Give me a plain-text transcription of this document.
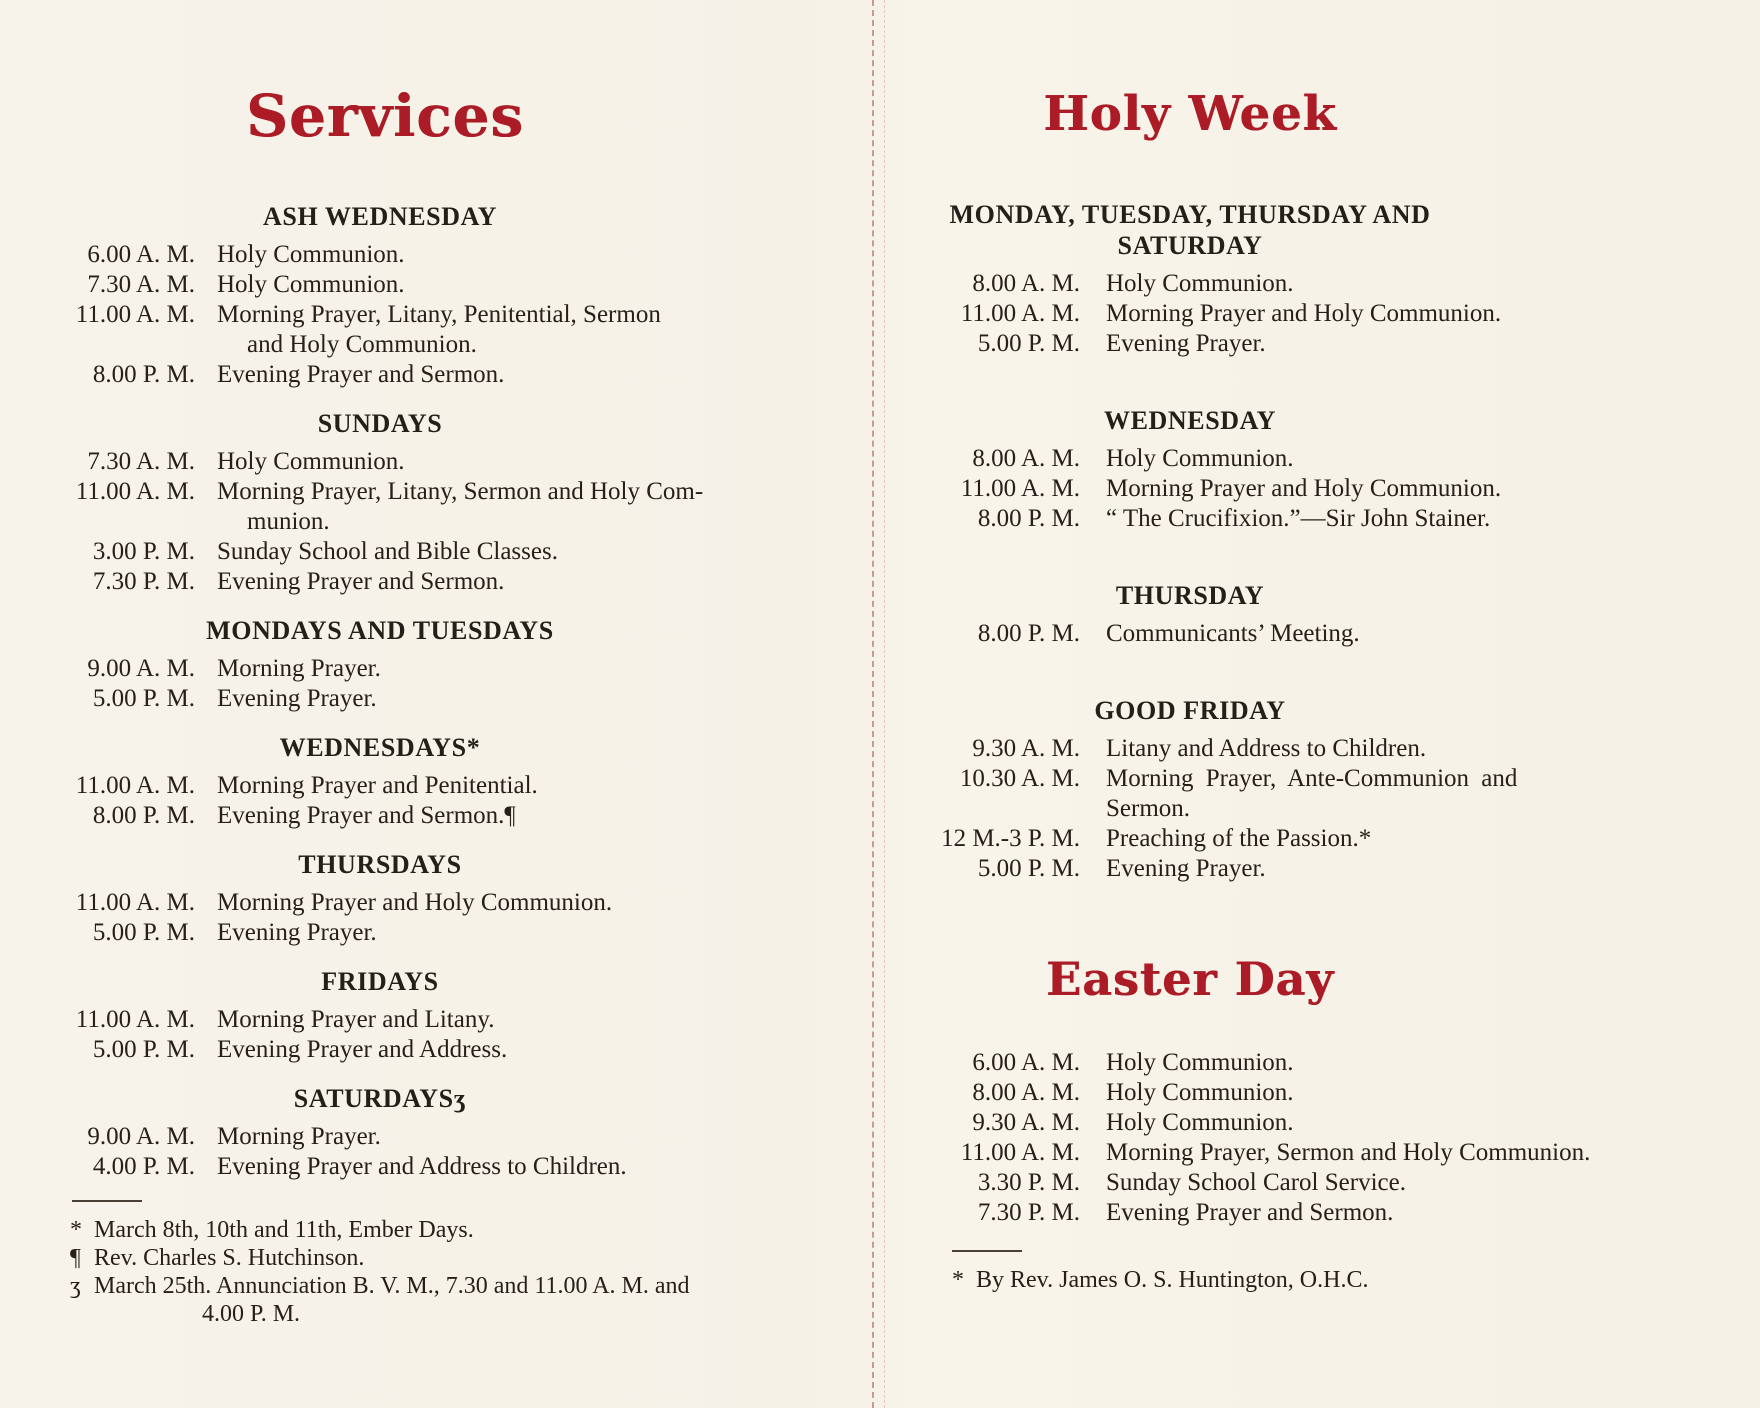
Services
ASH WEDNESDAY
6.00 A. M. Holy Communion.
7.30 A. M. Holy Communion.
11.00 A. M. Morning Prayer, Litany, Penitential, Sermon
and Holy Communion.
8.00 P. M. Evening Prayer and Sermon.
SUNDAYS
7.30 A. M. Holy Communion.
11.00 A. M. Morning Prayer, Litany, Sermon and Holy Com-
munion.
3.00 P. M. Sunday School and Bible Classes.
7.30 P. M. Evening Prayer and Sermon.
MONDAYS AND TUESDAYS
9.00 A. M. Morning Prayer.
5.00 P. M. Evening Prayer.
WEDNESDAYS*
11.00 A. M. Morning Prayer and Penitential.
8.00 P. M. Evening Prayer and Sermon.¶
THURSDAYS
11.00 A. M. Morning Prayer and Holy Communion.
5.00 P. M. Evening Prayer.
FRIDAYS
11.00 A. M. Morning Prayer and Litany.
5.00 P. M. Evening Prayer and Address.
SATURDAYSʒ
9.00 A. M. Morning Prayer.
4.00 P. M. Evening Prayer and Address to Children.
* March 8th, 10th and 11th, Ember Days.
¶ Rev. Charles S. Hutchinson.
ʒ March 25th. Annunciation B. V. M., 7.30 and 11.00 A. M. and
4.00 P. M.
Holy Week
MONDAY, TUESDAY, THURSDAY AND
SATURDAY
8.00 A. M. Holy Communion.
11.00 A. M. Morning Prayer and Holy Communion.
5.00 P. M. Evening Prayer.
WEDNESDAY
8.00 A. M. Holy Communion.
11.00 A. M. Morning Prayer and Holy Communion.
8.00 P. M. “ The Crucifixion.”—Sir John Stainer.
THURSDAY
8.00 P. M. Communicants’ Meeting.
GOOD FRIDAY
9.30 A. M. Litany and Address to Children.
10.30 A. M. Morning Prayer, Ante-Communion and Sermon.
12 M.-3 P. M. Preaching of the Passion.*
5.00 P. M. Evening Prayer.
Easter Day
6.00 A. M. Holy Communion.
8.00 A. M. Holy Communion.
9.30 A. M. Holy Communion.
11.00 A. M. Morning Prayer, Sermon and Holy Communion.
3.30 P. M. Sunday School Carol Service.
7.30 P. M. Evening Prayer and Sermon.
* By Rev. James O. S. Huntington, O.H.C.
